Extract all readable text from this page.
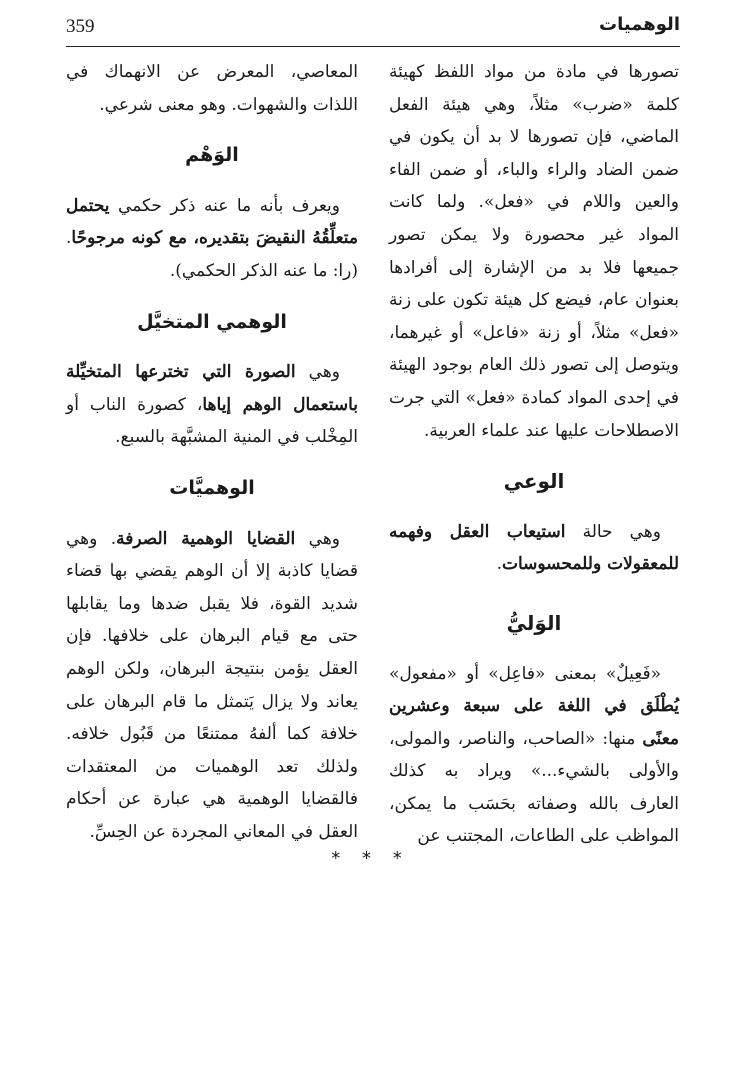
359	الوهميات

تصورها في مادة من مواد اللفظ كهيئة كلمة «ضرب» مثلاً، وهي هيئة الفعل الماضي، فإن تصورها لا بد أن يكون في ضمن الضاد والراء والباء، أو ضمن الفاء والعين واللام في «فعل». ولما كانت المواد غير محصورة ولا يمكن تصور جميعها فلا بد من الإشارة إلى أفرادها بعنوان عام، فيضع كل هيئة تكون على زنة «فعل» مثلاً، أو زنة «فاعل» أو غيرهما، ويتوصل إلى تصور ذلك العام بوجود الهيئة في إحدى المواد كمادة «فعل» التي جرت الاصطلاحات عليها عند علماء العربية.

الوعي

وهي حالة استيعاب العقل وفهمه للمعقولات وللمحسوسات.

الوَليُّ

«فَعِيلٌ» بمعنى «فاعِل» أو «مفعول» يُطْلَق في اللغة على سبعة وعشرين معنًى منها: «الصاحب، والناصر، والمولى، والأولى بالشيء...» ويراد به كذلك العارف بالله وصفاته بحَسَب ما يمكن، المواظب على الطاعات، المجتنب عن

المعاصي، المعرض عن الانهماك في اللذات والشهوات. وهو معنى شرعي.

الوَهْم

ويعرف بأنه ما عنه ذكر حكمي يحتمل متعلِّقُهُ النقيضَ بتقديره، مع كونه مرجوحًا. (را: ما عنه الذكر الحكمي).

الوهمي المتخيَّل

وهي الصورة التي تخترعها المتخيِّلة باستعمال الوهم إياها، كصورة الناب أو المِخْلب في المنية المشبَّهة بالسبع.

الوهميَّات

وهي القضايا الوهمية الصرفة. وهي قضايا كاذبة إلا أن الوهم يقضي بها قضاء شديد القوة، فلا يقبل ضدها وما يقابلها حتى مع قيام البرهان على خلافها. فإن العقل يؤمن بنتيجة البرهان، ولكن الوهم يعاند ولا يزال يَتمثل ما قام البرهان على خلافة كما ألفهُ ممتنعًا من قَبُول خلافه. ولذلك تعد الوهميات من المعتقدات فالقضايا الوهمية هي عبارة عن أحكام العقل في المعاني المجردة عن الحِسِّ.

* * *
